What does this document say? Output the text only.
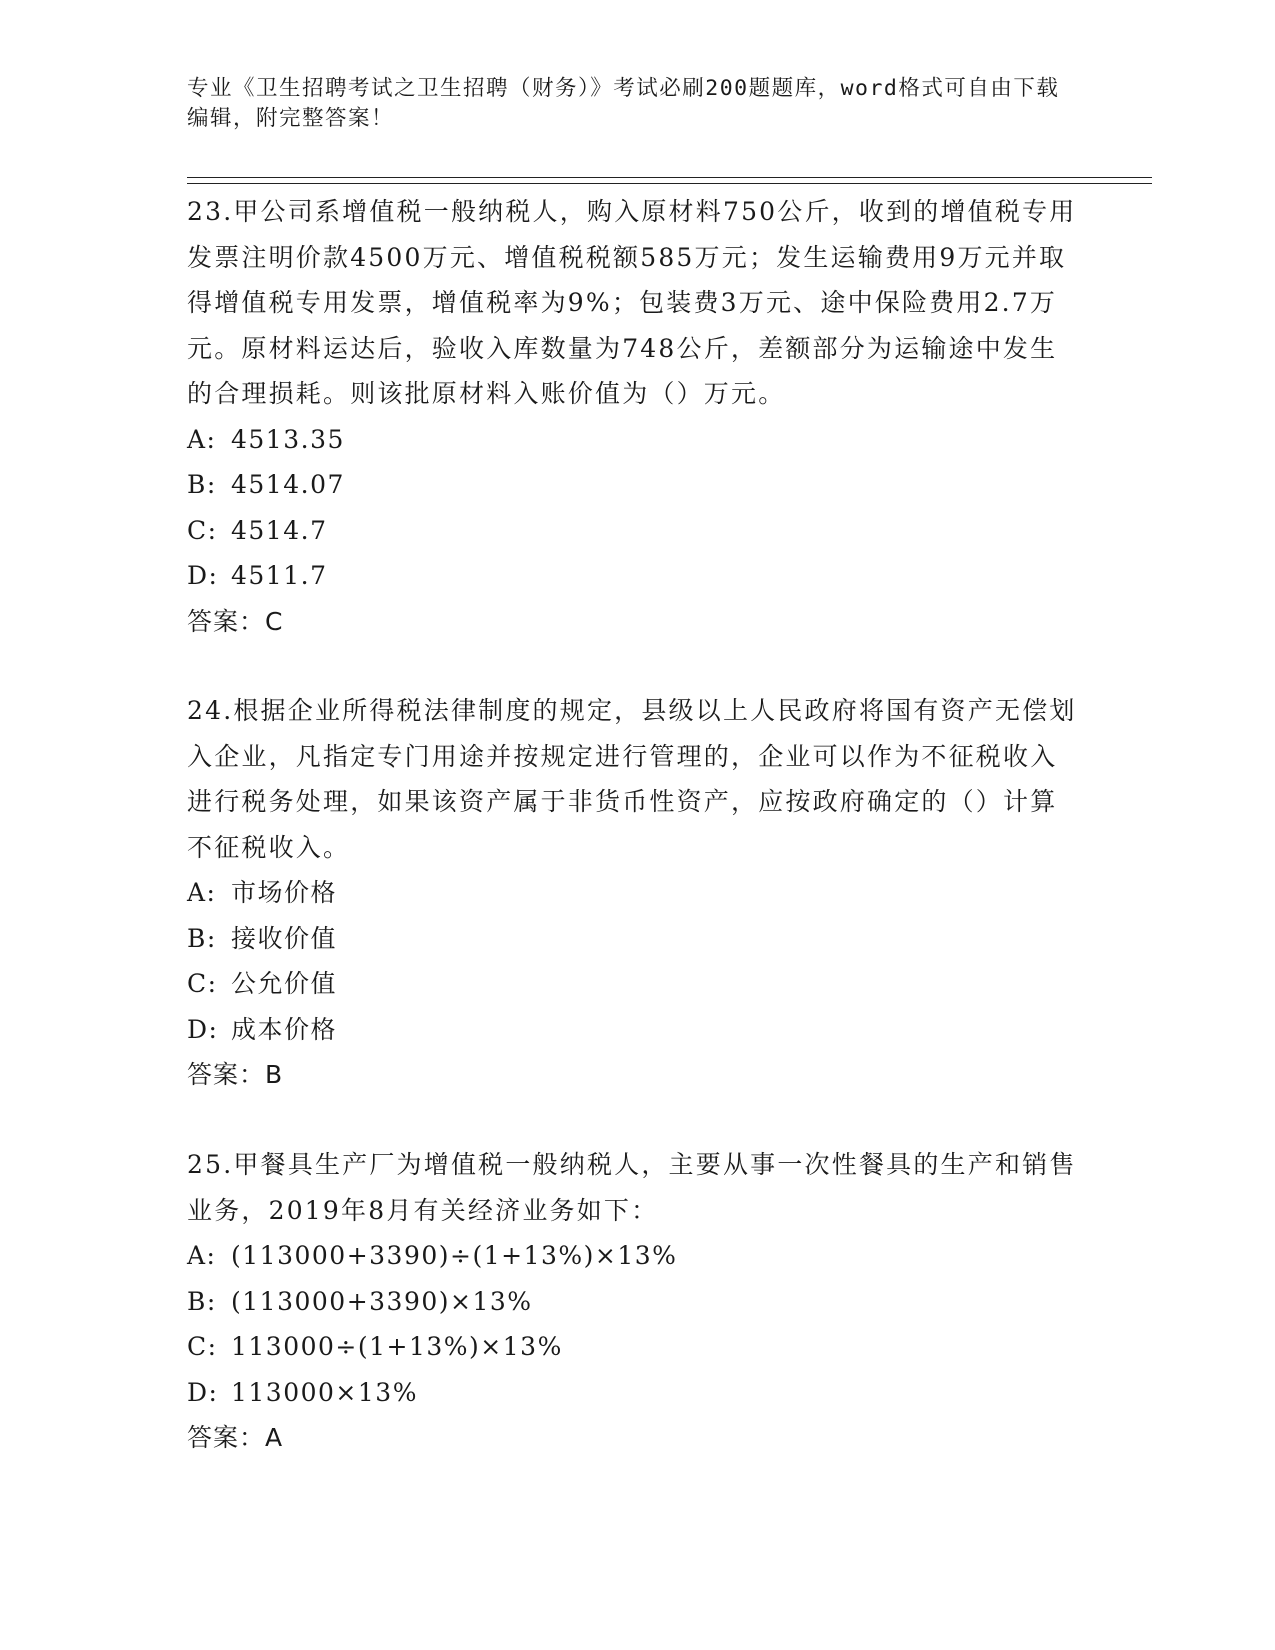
专业《卫生招聘考试之卫生招聘（财务）》考试必刷200题题库，word格式可自由下载编辑，附完整答案！

23.甲公司系增值税一般纳税人，购入原材料750公斤，收到的增值税专用发票注明价款4500万元、增值税税额585万元；发生运输费用9万元并取得增值税专用发票，增值税率为9%；包装费3万元、途中保险费用2.7万元。原材料运达后，验收入库数量为748公斤，差额部分为运输途中发生的合理损耗。则该批原材料入账价值为（）万元。

A: 4513.35

B: 4514.07

C: 4514.7

D: 4511.7

答案：C

24.根据企业所得税法律制度的规定，县级以上人民政府将国有资产无偿划入企业，凡指定专门用途并按规定进行管理的，企业可以作为不征税收入进行税务处理，如果该资产属于非货币性资产，应按政府确定的（）计算不征税收入。

A: 市场价格

B: 接收价值

C: 公允价值

D: 成本价格

答案：B

25.甲餐具生产厂为增值税一般纳税人，主要从事一次性餐具的生产和销售业务，2019年8月有关经济业务如下：

A: (113000+3390)÷(1+13%)×13%

B: (113000+3390)×13%

C: 113000÷(1+13%)×13%

D: 113000×13%

答案：A
